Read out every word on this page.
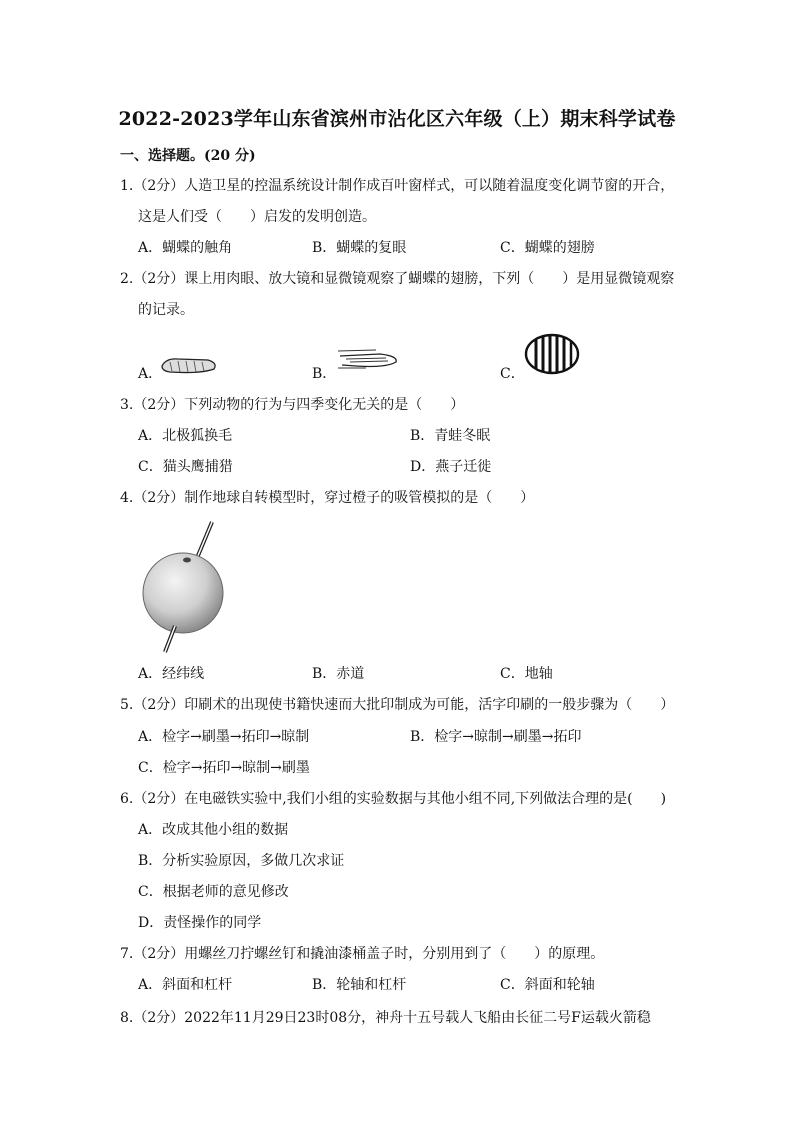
2022-2023学年山东省滨州市沾化区六年级（上）期末科学试卷
一、选择题。(20 分)
1.（2分）人造卫星的控温系统设计制作成百叶窗样式，可以随着温度变化调节窗的开合，
这是人们受（　　）启发的发明创造。
A．蝴蝶的触角	B．蝴蝶的复眼	C．蝴蝶的翅膀
2.（2分）课上用肉眼、放大镜和显微镜观察了蝴蝶的翅膀，下列（　　）是用显微镜观察
的记录。
A．	B．	C．
3.（2分）下列动物的行为与四季变化无关的是（　　）
A．北极狐换毛	B．青蛙冬眠
C．猫头鹰捕猎	D．燕子迁徙
4.（2分）制作地球自转模型时，穿过橙子的吸管模拟的是（　　）
A．经纬线	B．赤道	C．地轴
5.（2分）印刷术的出现使书籍快速而大批印制成为可能，活字印刷的一般步骤为（　　）
A．检字→刷墨→拓印→晾制	B．检字→晾制→刷墨→拓印
C．检字→拓印→晾制→刷墨
6.（2分）在电磁铁实验中,我们小组的实验数据与其他小组不同,下列做法合理的是(　　)
A．改成其他小组的数据
B．分析实验原因，多做几次求证
C．根据老师的意见修改
D．责怪操作的同学
7.（2分）用螺丝刀拧螺丝钉和撬油漆桶盖子时，分别用到了（　　）的原理。
A．斜面和杠杆	B．轮轴和杠杆	C．斜面和轮轴
8.（2分）2022年11月29日23时08分，神舟十五号载人飞船由长征二号F运载火箭稳
